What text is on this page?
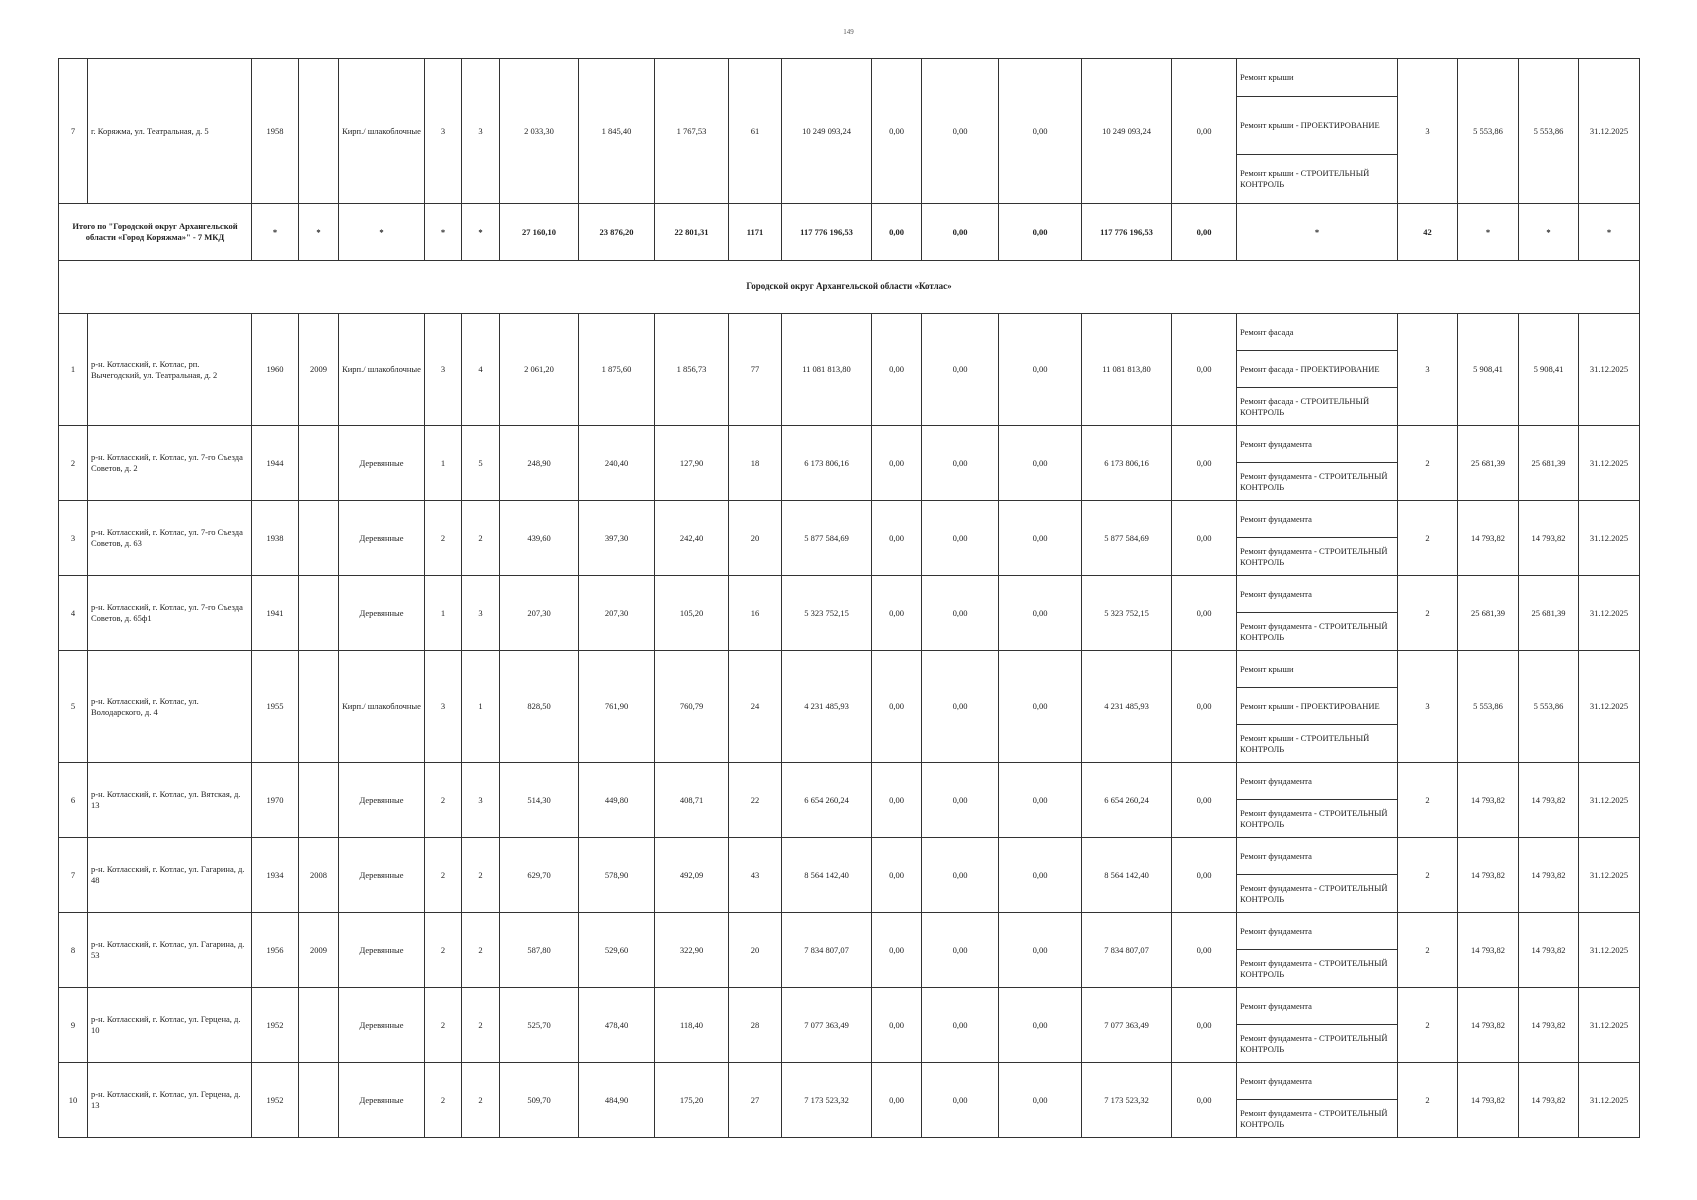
149
7	г. Коряжма, ул. Театральная, д. 5	1958		Кирп./ шлакоблочные	3	3	2 033,30	1 845,40	1 767,53	61	10 249 093,24	0,00	0,00	0,00	10 249 093,24	0,00	Ремонт крыши
Ремонт крыши - ПРОЕКТИРОВАНИЕ
Ремонт крыши - СТРОИТЕЛЬНЫЙ КОНТРОЛЬ	3	5 553,86	5 553,86	31.12.2025
Итого по "Городской округ Архангельской области «Город Коряжма»" - 7 МКД		*	*	*	*	*	27 160,10	23 876,20	22 801,31	1171	117 776 196,53	0,00	0,00	0,00	117 776 196,53	0,00	*	42	*	*	*
Городской округ Архангельской области «Котлас»																					
1	р-н. Котласский, г. Котлас, рп. Вычегодский, ул. Театральная, д. 2	1960	2009	Кирп./ шлакоблочные	3	4	2 061,20	1 875,60	1 856,73	77	11 081 813,80	0,00	0,00	0,00	11 081 813,80	0,00	Ремонт фасада
Ремонт фасада - ПРОЕКТИРОВАНИЕ
Ремонт фасада - СТРОИТЕЛЬНЫЙ КОНТРОЛЬ	3	5 908,41	5 908,41	31.12.2025
2	р-н. Котласский, г. Котлас, ул. 7-го Съезда Советов, д. 2	1944		Деревянные	1	5	248,90	240,40	127,90	18	6 173 806,16	0,00	0,00	0,00	6 173 806,16	0,00	Ремонт фундамента
Ремонт фундамента - СТРОИТЕЛЬНЫЙ КОНТРОЛЬ	2	25 681,39	25 681,39	31.12.2025
3	р-н. Котласский, г. Котлас, ул. 7-го Съезда Советов, д. 63	1938		Деревянные	2	2	439,60	397,30	242,40	20	5 877 584,69	0,00	0,00	0,00	5 877 584,69	0,00	Ремонт фундамента
Ремонт фундамента - СТРОИТЕЛЬНЫЙ КОНТРОЛЬ	2	14 793,82	14 793,82	31.12.2025
4	р-н. Котласский, г. Котлас, ул. 7-го Съезда Советов, д. 65ф1	1941		Деревянные	1	3	207,30	207,30	105,20	16	5 323 752,15	0,00	0,00	0,00	5 323 752,15	0,00	Ремонт фундамента
Ремонт фундамента - СТРОИТЕЛЬНЫЙ КОНТРОЛЬ	2	25 681,39	25 681,39	31.12.2025
5	р-н. Котласский, г. Котлас, ул. Володарского, д. 4	1955		Кирп./ шлакоблочные	3	1	828,50	761,90	760,79	24	4 231 485,93	0,00	0,00	0,00	4 231 485,93	0,00	Ремонт крыши
Ремонт крыши - ПРОЕКТИРОВАНИЕ
Ремонт крыши - СТРОИТЕЛЬНЫЙ КОНТРОЛЬ	3	5 553,86	5 553,86	31.12.2025
6	р-н. Котласский, г. Котлас, ул. Вятская, д. 13	1970		Деревянные	2	3	514,30	449,80	408,71	22	6 654 260,24	0,00	0,00	0,00	6 654 260,24	0,00	Ремонт фундамента
Ремонт фундамента - СТРОИТЕЛЬНЫЙ КОНТРОЛЬ	2	14 793,82	14 793,82	31.12.2025
7	р-н. Котласский, г. Котлас, ул. Гагарина, д. 48	1934	2008	Деревянные	2	2	629,70	578,90	492,09	43	8 564 142,40	0,00	0,00	0,00	8 564 142,40	0,00	Ремонт фундамента
Ремонт фундамента - СТРОИТЕЛЬНЫЙ КОНТРОЛЬ	2	14 793,82	14 793,82	31.12.2025
8	р-н. Котласский, г. Котлас, ул. Гагарина, д. 53	1956	2009	Деревянные	2	2	587,80	529,60	322,90	20	7 834 807,07	0,00	0,00	0,00	7 834 807,07	0,00	Ремонт фундамента
Ремонт фундамента - СТРОИТЕЛЬНЫЙ КОНТРОЛЬ	2	14 793,82	14 793,82	31.12.2025
9	р-н. Котласский, г. Котлас, ул. Герцена, д. 10	1952		Деревянные	2	2	525,70	478,40	118,40	28	7 077 363,49	0,00	0,00	0,00	7 077 363,49	0,00	Ремонт фундамента
Ремонт фундамента - СТРОИТЕЛЬНЫЙ КОНТРОЛЬ	2	14 793,82	14 793,82	31.12.2025
10	р-н. Котласский, г. Котлас, ул. Герцена, д. 13	1952		Деревянные	2	2	509,70	484,90	175,20	27	7 173 523,32	0,00	0,00	0,00	7 173 523,32	0,00	Ремонт фундамента
Ремонт фундамента - СТРОИТЕЛЬНЫЙ КОНТРОЛЬ	2	14 793,82	14 793,82	31.12.2025
